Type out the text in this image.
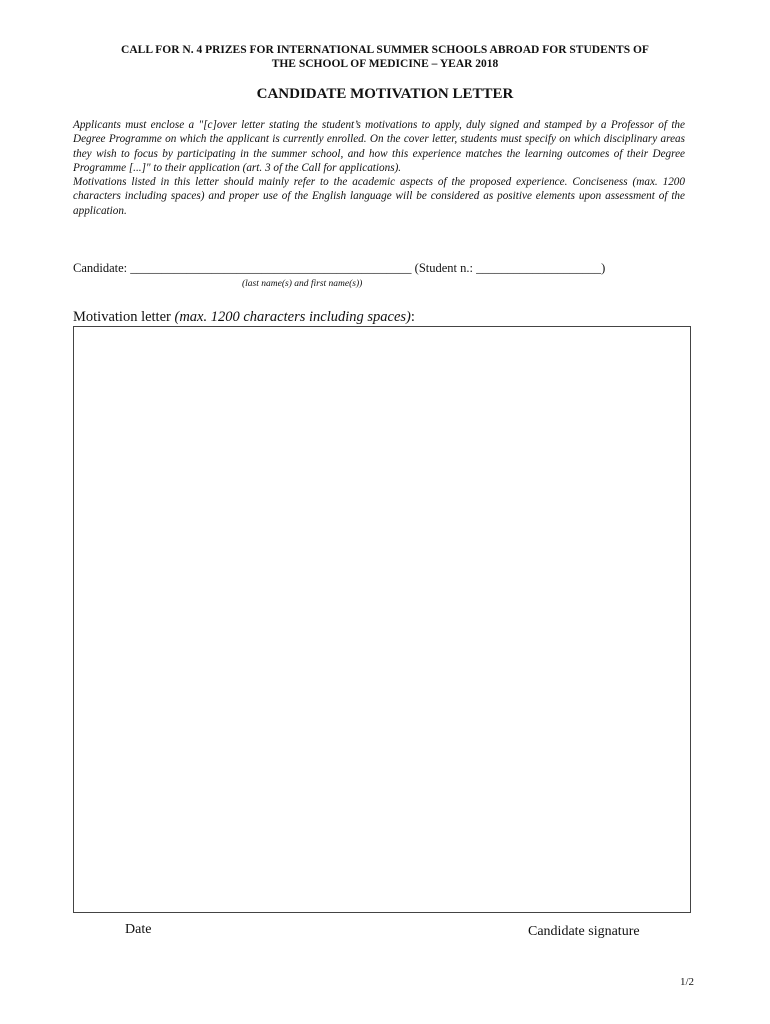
CALL FOR N. 4 PRIZES FOR INTERNATIONAL SUMMER SCHOOLS ABROAD FOR STUDENTS OF
THE SCHOOL OF MEDICINE – YEAR 2018
CANDIDATE MOTIVATION LETTER

Applicants must enclose a "[c]over letter stating the student’s motivations to apply, duly signed and stamped by a Professor of the Degree Programme on which the applicant is currently enrolled. On the cover letter, students must specify on which disciplinary areas they wish to focus by participating in the summer school, and how this experience matches the learning outcomes of their Degree Programme [...]" to their application (art. 3 of the Call for applications).

Motivations listed in this letter should mainly refer to the academic aspects of the proposed experience. Conciseness (max. 1200 characters including spaces) and proper use of the English language will be considered as positive elements upon assessment of the application.

Candidate: _____________________________________________ (Student n.: ____________________)
(last name(s) and first name(s))
Motivation letter (max. 1200 characters including spaces):
Date	Candidate signature
1/2
